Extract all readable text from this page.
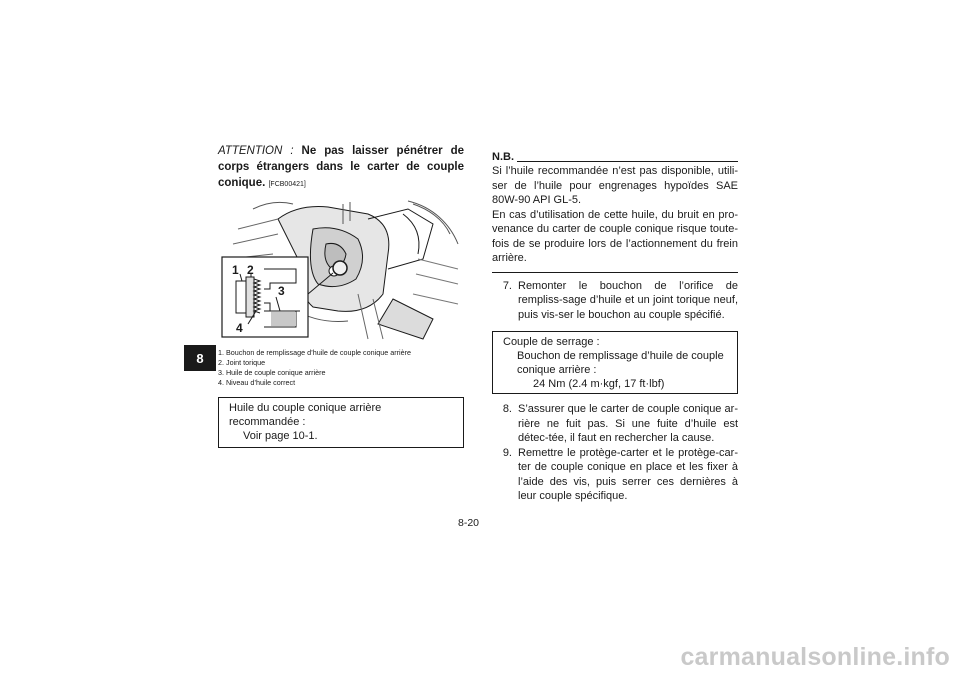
8
ATTENTION : Ne pas laisser pénétrer de corps étrangers dans le carter de couple conique. [FCB00421]
1 2
3
4
1. Bouchon de remplissage d’huile de couple conique arrière
2. Joint torique
3. Huile de couple conique arrière
4. Niveau d’huile correct
Huile du couple conique arrière
recommandée :
Voir page 10-1.
N.B.
Si l’huile recommandée n’est pas disponible, utili-ser de l’huile pour engrenages hypoïdes SAE 80W-90 API GL-5.
En cas d’utilisation de cette huile, du bruit en pro-venance du carter de couple conique risque toute-fois de se produire lors de l’actionnement du frein arrière.
7. Remonter le bouchon de l’orifice de rempliss-sage d’huile et un joint torique neuf, puis vis-ser le bouchon au couple spécifié.
Couple de serrage :
Bouchon de remplissage d’huile de couple
conique arrière :
24 Nm (2.4 m·kgf, 17 ft·lbf)
8. S’assurer que le carter de couple conique ar-rière ne fuit pas. Si une fuite d’huile est détec-tée, il faut en rechercher la cause.
9. Remettre le protège-carter et le protège-car-ter de couple conique en place et les fixer à l’aide des vis, puis serrer ces dernières à leur couple spécifique.
8-20
carmanualsonline.info
